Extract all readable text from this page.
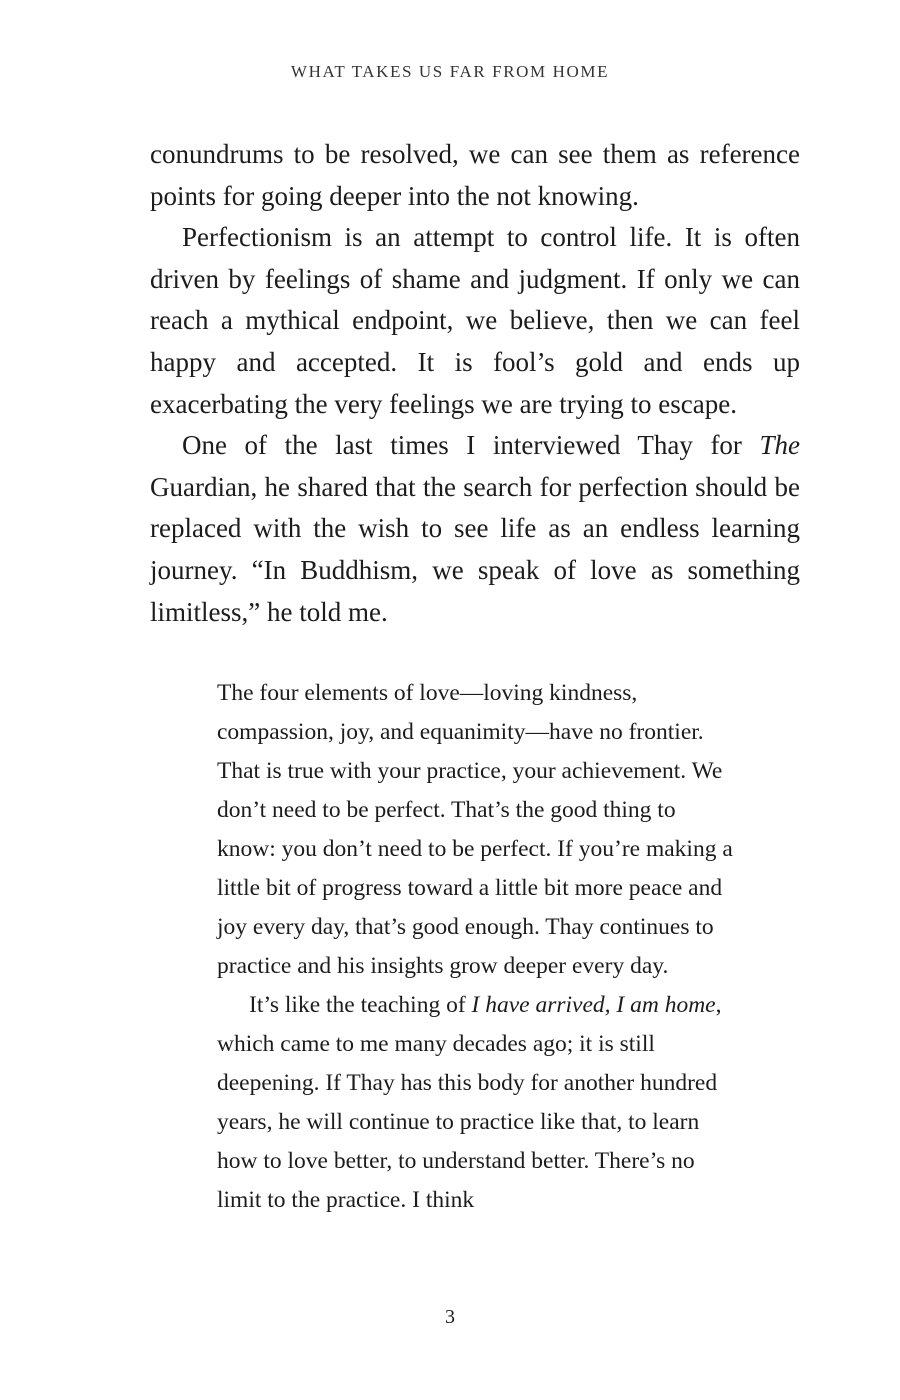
WHAT TAKES US FAR FROM HOME

conundrums to be resolved, we can see them as reference points for going deeper into the not knowing.

Perfectionism is an attempt to control life. It is often driven by feelings of shame and judgment. If only we can reach a mythical endpoint, we believe, then we can feel happy and accepted. It is fool’s gold and ends up exacerbating the very feelings we are trying to escape.

One of the last times I interviewed Thay for The Guardian, he shared that the search for perfection should be replaced with the wish to see life as an endless learning journey. “In Buddhism, we speak of love as something limitless,” he told me.

The four elements of love—loving kindness, compassion, joy, and equanimity—have no frontier. That is true with your practice, your achievement. We don’t need to be perfect. That’s the good thing to know: you don’t need to be perfect. If you’re making a little bit of progress toward a little bit more peace and joy every day, that’s good enough. Thay continues to practice and his insights grow deeper every day.

It’s like the teaching of I have arrived, I am home, which came to me many decades ago; it is still deepening. If Thay has this body for another hundred years, he will continue to practice like that, to learn how to love better, to understand better. There’s no limit to the practice. I think

3
